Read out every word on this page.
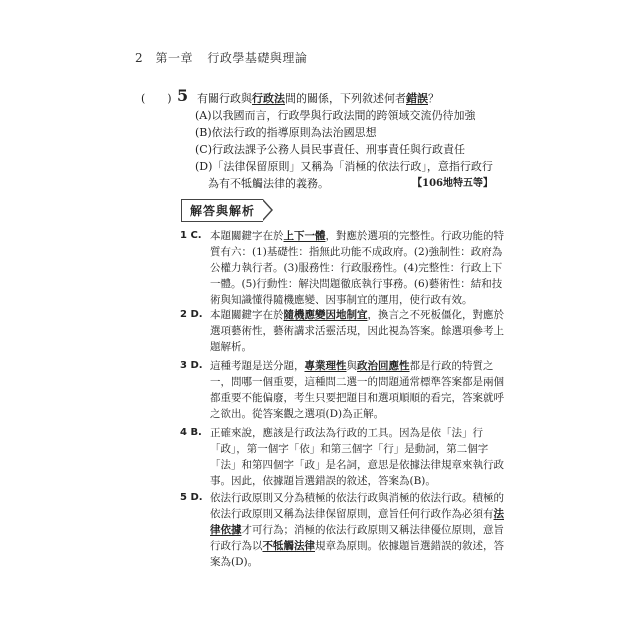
2 第一章 行政學基礎與理論
(　　) 5 有關行政與行政法間的關係，下列敘述何者錯誤？
(A)以我國而言，行政學與行政法間的跨領域交流仍待加強
(B)依法行政的指導原則為法治國思想
(C)行政法課予公務人員民事責任、刑事責任與行政責任
(D)「法律保留原則」又稱為「消極的依法行政」，意指行政行
為有不牴觸法律的義務。	【106地特五等】
解答與解析
1 C. 本題關鍵字在於上下一體，對應於選項的完整性。行政功能的特
質有六：(1)基礎性：指無此功能不成政府。(2)強制性：政府為
公權力執行者。(3)服務性：行政服務性。(4)完整性：行政上下
一體。(5)行動性：解決問題徹底執行事務。(6)藝術性：結和技
術與知識懂得隨機應變、因事制宜的運用，使行政有效。
2 D. 本題關鍵字在於隨機應變因地制宜，換言之不死板僵化，對應於
選項藝術性，藝術講求活靈活現，因此視為答案。餘選項參考上
題解析。
3 D. 這種考題是送分題，專業理性與政治回應性都是行政的特質之
一，問哪一個重要，這種問二選一的問題通常標準答案都是兩個
都重要不能偏廢，考生只要把題目和選項順順的看完，答案就呼
之欲出。從答案觀之選項(D)為正解。
4 B. 正確來說，應該是行政法為行政的工具。因為是依「法」行
「政」，第一個字「依」和第三個字「行」是動詞，第二個字
「法」和第四個字「政」是名詞，意思是依據法律規章來執行政
事。因此，依據題旨選錯誤的敘述，答案為(B)。
5 D. 依法行政原則又分為積極的依法行政與消極的依法行政。積極的
依法行政原則又稱為法律保留原則，意旨任何行政作為必須有法
律依據才可行為；消極的依法行政原則又稱法律優位原則，意旨
行政行為以不牴觸法律規章為原則。依據題旨選錯誤的敘述，答
案為(D)。
